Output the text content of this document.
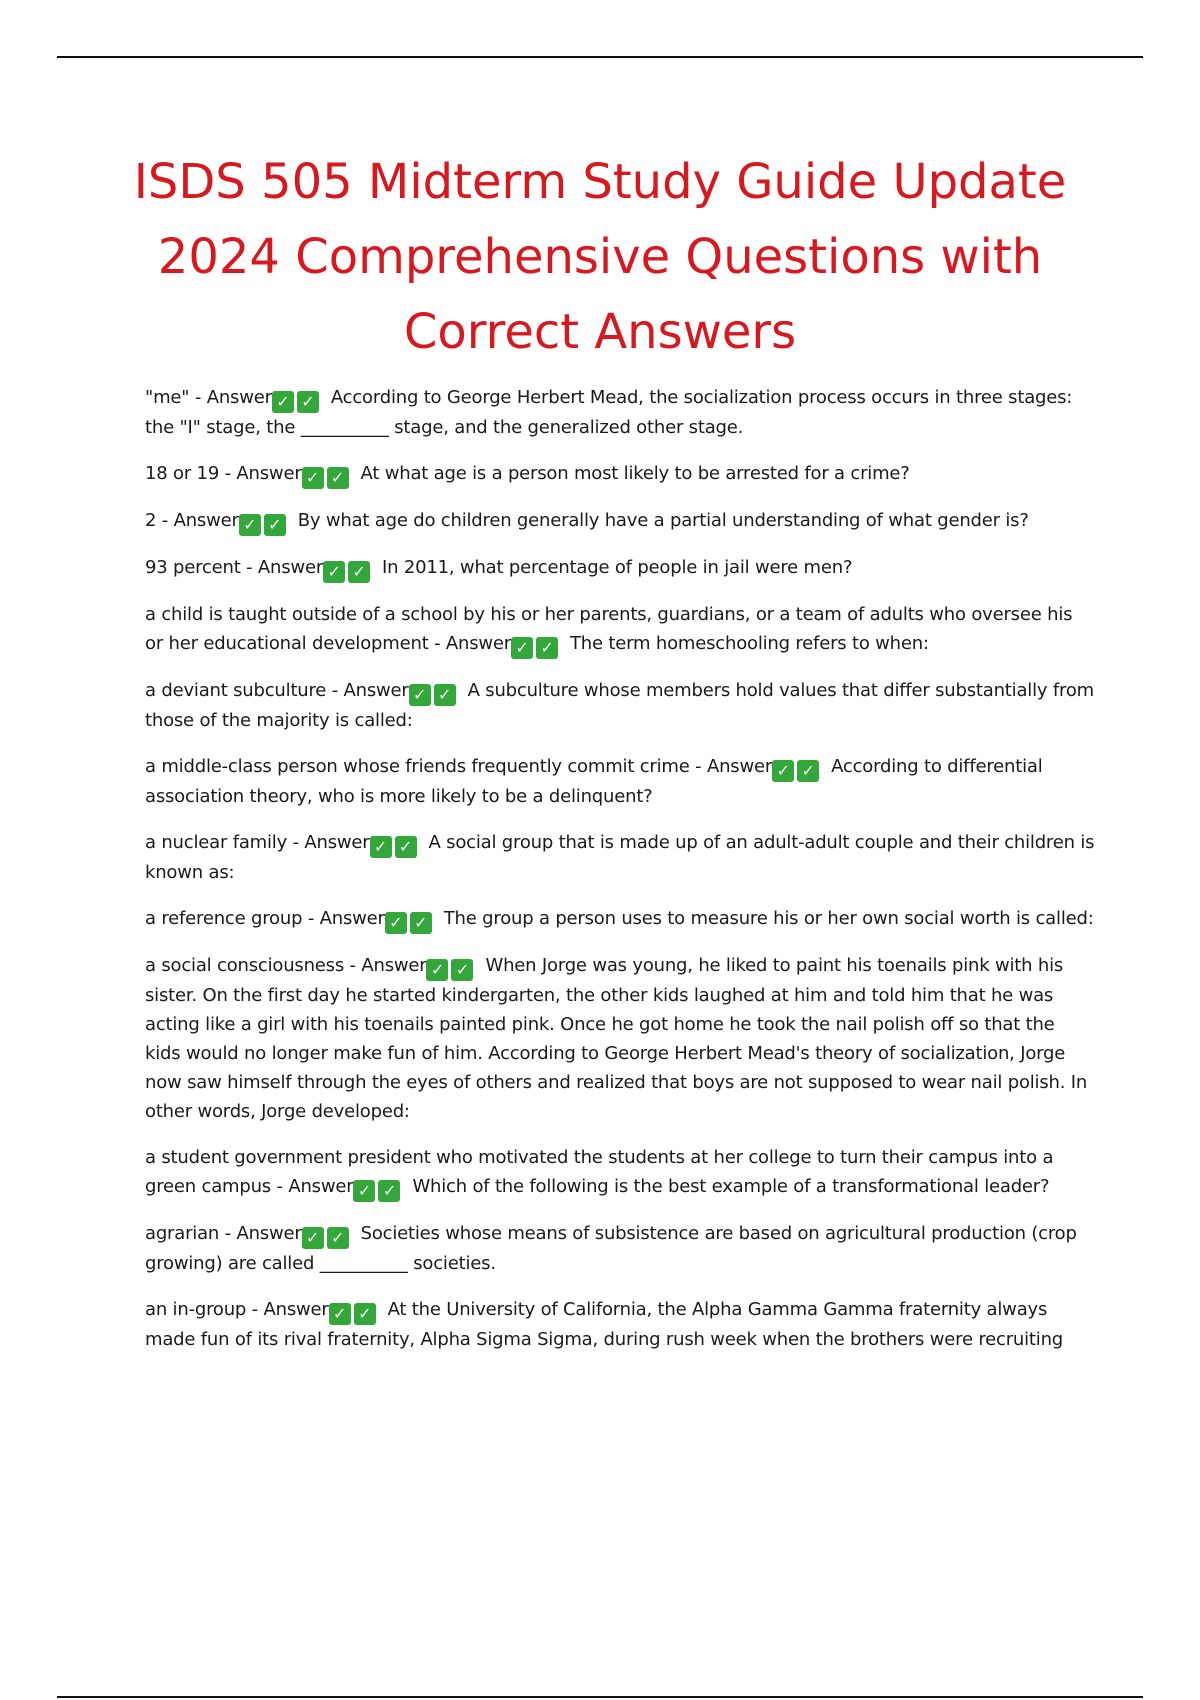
ISDS 505 Midterm Study Guide Update 2024 Comprehensive Questions with Correct Answers

"me" - Answer ✓ ✓ According to George Herbert Mead, the socialization process occurs in three stages: the "I" stage, the __________ stage, and the generalized other stage.

18 or 19 - Answer ✓ ✓ At what age is a person most likely to be arrested for a crime?

2 - Answer ✓ ✓ By what age do children generally have a partial understanding of what gender is?

93 percent - Answer ✓ ✓ In 2011, what percentage of people in jail were men?

a child is taught outside of a school by his or her parents, guardians, or a team of adults who oversee his or her educational development - Answer ✓ ✓ The term homeschooling refers to when:

a deviant subculture - Answer ✓ ✓ A subculture whose members hold values that differ substantially from those of the majority is called:

a middle-class person whose friends frequently commit crime - Answer ✓ ✓ According to differential association theory, who is more likely to be a delinquent?

a nuclear family - Answer ✓ ✓ A social group that is made up of an adult-adult couple and their children is known as:

a reference group - Answer ✓ ✓ The group a person uses to measure his or her own social worth is called:

a social consciousness - Answer ✓ ✓ When Jorge was young, he liked to paint his toenails pink with his sister. On the first day he started kindergarten, the other kids laughed at him and told him that he was acting like a girl with his toenails painted pink. Once he got home he took the nail polish off so that the kids would no longer make fun of him. According to George Herbert Mead's theory of socialization, Jorge now saw himself through the eyes of others and realized that boys are not supposed to wear nail polish. In other words, Jorge developed:

a student government president who motivated the students at her college to turn their campus into a green campus - Answer ✓ ✓ Which of the following is the best example of a transformational leader?

agrarian - Answer ✓ ✓ Societies whose means of subsistence are based on agricultural production (crop growing) are called __________ societies.

an in-group - Answer ✓ ✓ At the University of California, the Alpha Gamma Gamma fraternity always made fun of its rival fraternity, Alpha Sigma Sigma, during rush week when the brothers were recruiting
